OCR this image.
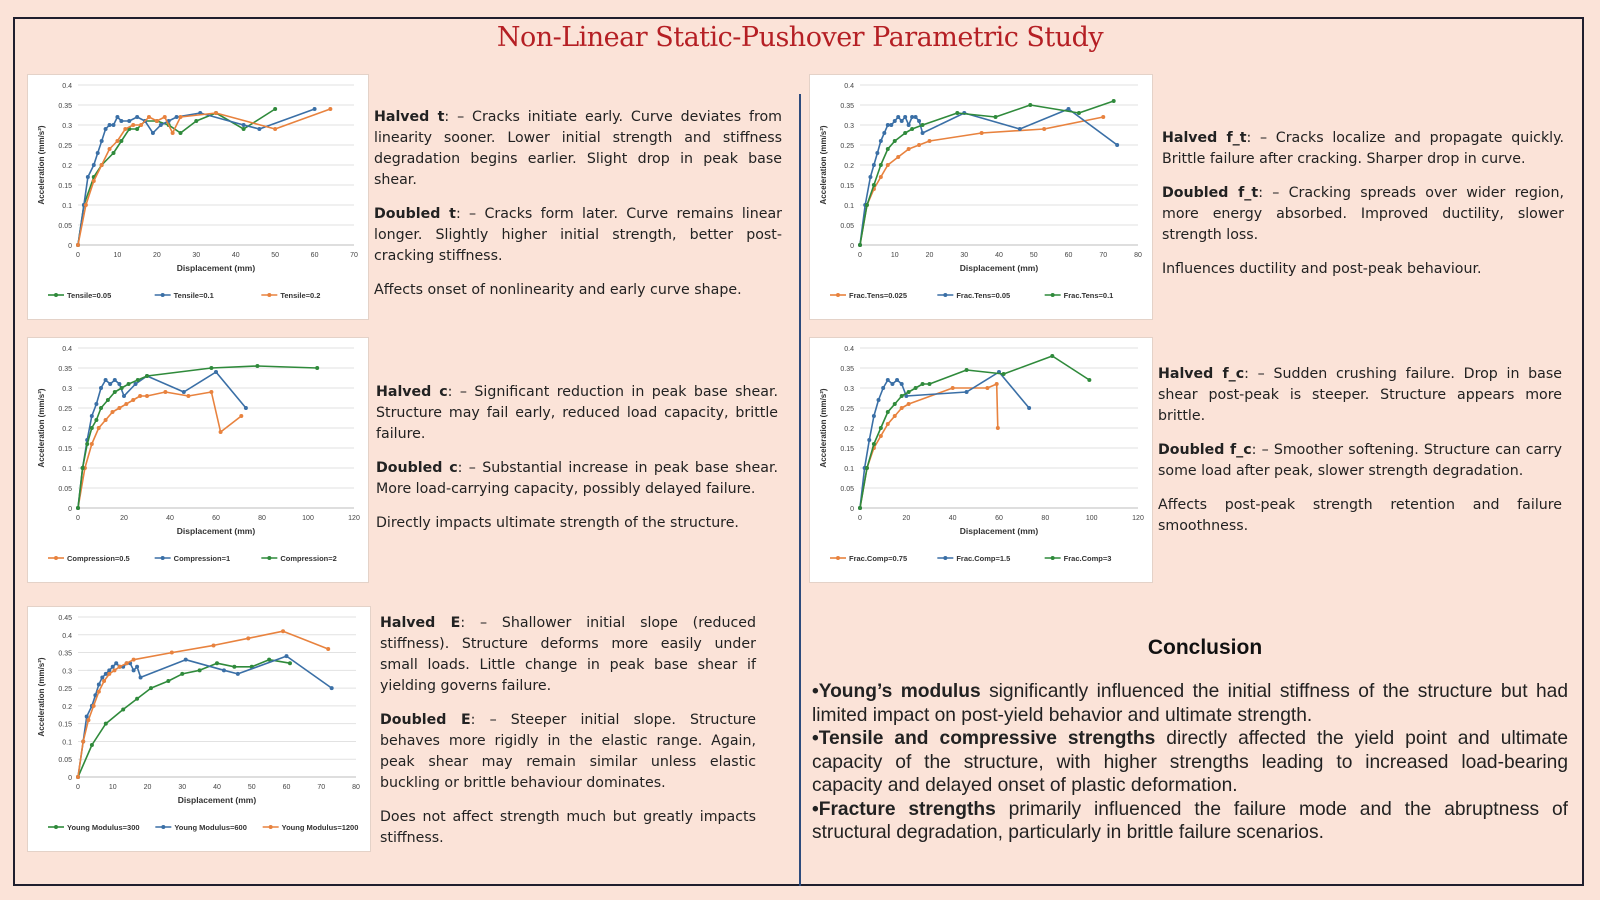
Non-Linear Static-Pushover Parametric Study
0
0.05
0.1
0.15
0.2
0.25
0.3
0.35
0.4
0	10	20	30	40	50	60	70
Displacement (mm)
Acceleration (mm/s²)
Tensile=0.05	Tensile=0.1	Tensile=0.2
0
0.05
0.1
0.15
0.2
0.25
0.3
0.35
0.4
0	10	20	30	40	50	60	70	80
Displacement (mm)
Acceleration (mm/s²)
Frac.Tens=0.025	Frac.Tens=0.05	Frac.Tens=0.1
0
0.05
0.1
0.15
0.2
0.25
0.3
0.35
0.4
0	20	40	60	80	100	120
Displacement (mm)
Acceleration (mm/s²)
Compression=0.5	Compression=1	Compression=2
0
0.05
0.1
0.15
0.2
0.25
0.3
0.35
0.4
0	20	40	60	80	100	120
Displacement (mm)
Acceleration (mm/s²)
Frac.Comp=0.75	Frac.Comp=1.5	Frac.Comp=3
0
0.05
0.1
0.15
0.2
0.25
0.3
0.35
0.4
0.45
0	10	20	30	40	50	60	70	80
Displacement (mm)
Acceleration (mm/s²)
Young Modulus=300	Young Modulus=600	Young Modulus=1200

Halved t: – Cracks initiate early. Curve deviates from linearity sooner. Lower initial strength and stiffness degradation begins earlier. Slight drop in peak base shear.

Doubled t: – Cracks form later. Curve remains linear longer. Slightly higher initial strength, better post-cracking stiffness.

Affects onset of nonlinearity and early curve shape.

Halved c: – Significant reduction in peak base shear. Structure may fail early, reduced load capacity, brittle failure.

Doubled c: – Substantial increase in peak base shear. More load-carrying capacity, possibly delayed failure.

Directly impacts ultimate strength of the structure.

Halved E: – Shallower initial slope (reduced stiffness). Structure deforms more easily under small loads. Little change in peak base shear if yielding governs failure.

Doubled E: – Steeper initial slope. Structure behaves more rigidly in the elastic range. Again, peak shear may remain similar unless elastic buckling or brittle behaviour dominates.

Does not affect strength much but greatly impacts stiffness.

Halved f_t: – Cracks localize and propagate quickly. Brittle failure after cracking. Sharper drop in curve.

Doubled f_t: – Cracking spreads over wider region, more energy absorbed. Improved ductility, slower strength loss.

Influences ductility and post-peak behaviour.

Halved f_c: – Sudden crushing failure. Drop in base shear post-peak is steeper. Structure appears more brittle.

Doubled f_c: – Smoother softening. Structure can carry some load after peak, slower strength degradation.

Affects post-peak strength retention and failure smoothness.

Conclusion

•Young’s modulus significantly influenced the initial stiffness of the structure but had limited impact on post-yield behavior and ultimate strength.

•Tensile and compressive strengths directly affected the yield point and ultimate capacity of the structure, with higher strengths leading to increased load-bearing capacity and delayed onset of plastic deformation.

•Fracture strengths primarily influenced the failure mode and the abruptness of structural degradation, particularly in brittle failure scenarios.
